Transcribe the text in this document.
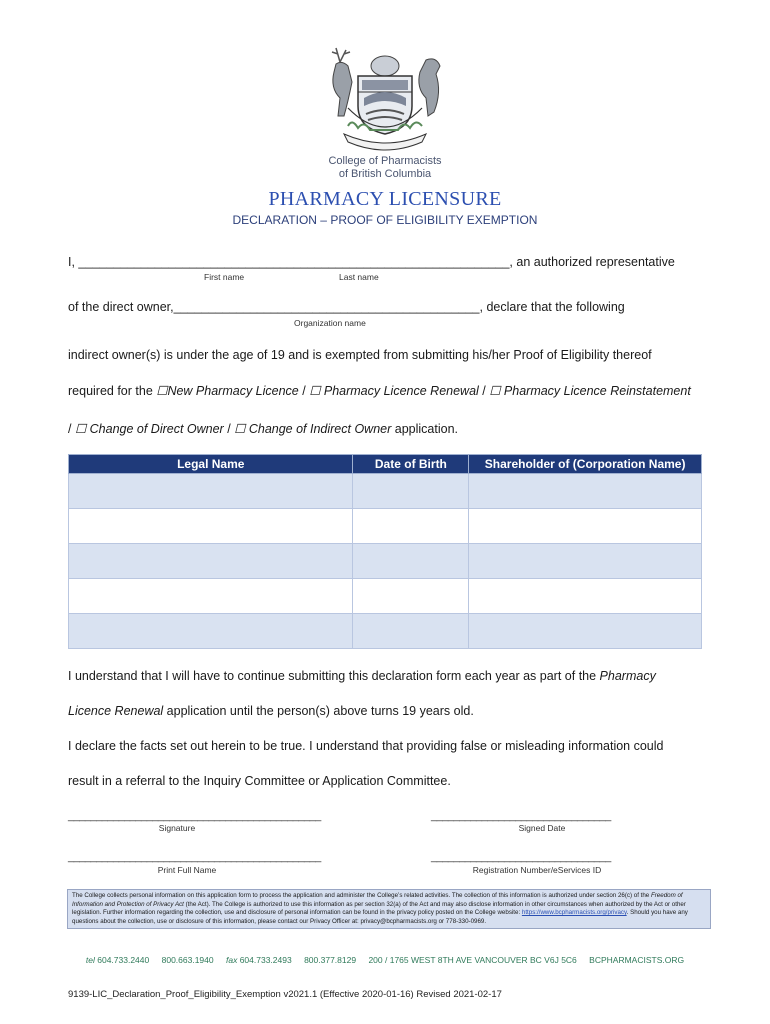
College of Pharmacists
of British Columbia
PHARMACY LICENSURE
DECLARATION – PROOF OF ELIGIBILITY EXEMPTION
I, ______________________________________________________________, an authorized representative
First name	Last name
of the direct owner,____________________________________________, declare that the following
Organization name
indirect owner(s) is under the age of 19 and is exempted from submitting his/her Proof of Eligibility thereof
required for the ☐New Pharmacy Licence / ☐ Pharmacy Licence Renewal / ☐ Pharmacy Licence Reinstatement
/ ☐ Change of Direct Owner / ☐ Change of Indirect Owner application.
Legal Name	Date of Birth	Shareholder of (Corporation Name)

I understand that I will have to continue submitting this declaration form each year as part of the Pharmacy
Licence Renewal application until the person(s) above turns 19 years old.
I declare the facts set out herein to be true. I understand that providing false or misleading information could
result in a referral to the Inquiry Committee or Application Committee.
_____________________________________________
Signature
________________________________
Signed Date
_____________________________________________
Print Full Name
________________________________
Registration Number/eServices ID
The College collects personal information on this application form to process the application and administer the College’s related activities. The collection of this information is authorized under section 26(c) of the Freedom of Information and Protection of Privacy Act (the Act). The College is authorized to use this information as per section 32(a) of the Act and may also disclose information in other circumstances when authorized by the Act or other legislation. Further information regarding the collection, use and disclosure of personal information can be found in the privacy policy posted on the College website: https://www.bcpharmacists.org/privacy. Should you have any questions about the collection, use or disclosure of this information, please contact our Privacy Officer at: privacy@bcpharmacists.org or 778-330-0969.
tel 604.733.2440 800.663.1940 fax 604.733.2493 800.377.8129 200 / 1765 WEST 8TH AVE VANCOUVER BC V6J 5C6 BCPHARMACISTS.ORG
9139-LIC_Declaration_Proof_Eligibility_Exemption v2021.1 (Effective 2020-01-16) Revised 2021-02-17
